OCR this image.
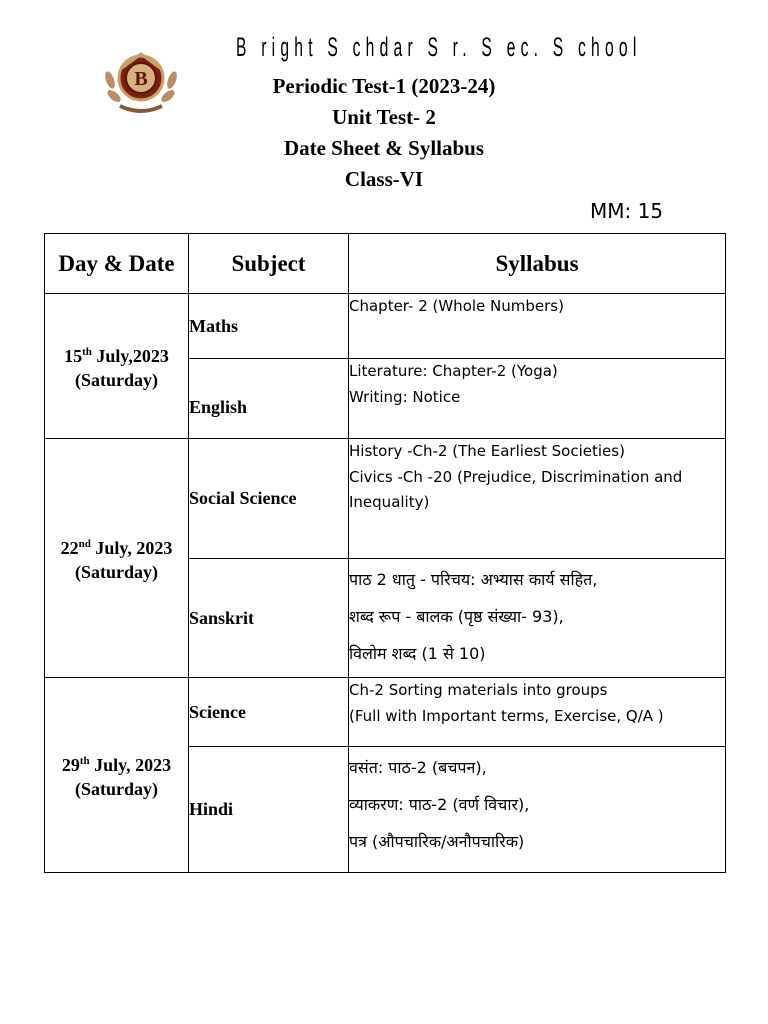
B right S chdar S r. S ec. S chool
B	Periodic Test-1 (2023-24)
Unit Test- 2
Date Sheet & Syllabus
Class-VI
MM: 15
Day & Date	Subject	Syllabus
15th July,2023
(Saturday)	Maths	Chapter- 2 (Whole Numbers)

	English	Literature: Chapter-2 (Yoga)
Writing: Notice

22nd July, 2023
(Saturday)	Social Science	History -Ch-2 (The Earliest Societies)
Civics -Ch -20 (Prejudice, Discrimination and Inequality)

	Sanskrit	पाठ 2 धातु - परिचय: अभ्यास कार्य सहित,
शब्द रूप - बालक (पृष्ठ संख्या- 93),
विलोम शब्द (1 से 10)

29th July, 2023
(Saturday)	Science	Ch-2 Sorting materials into groups
(Full with Important terms, Exercise, Q/A )

	Hindi	वसंत: पाठ-2 (बचपन),
व्याकरण: पाठ-2 (वर्ण विचार),
पत्र (औपचारिक/अनौपचारिक)
